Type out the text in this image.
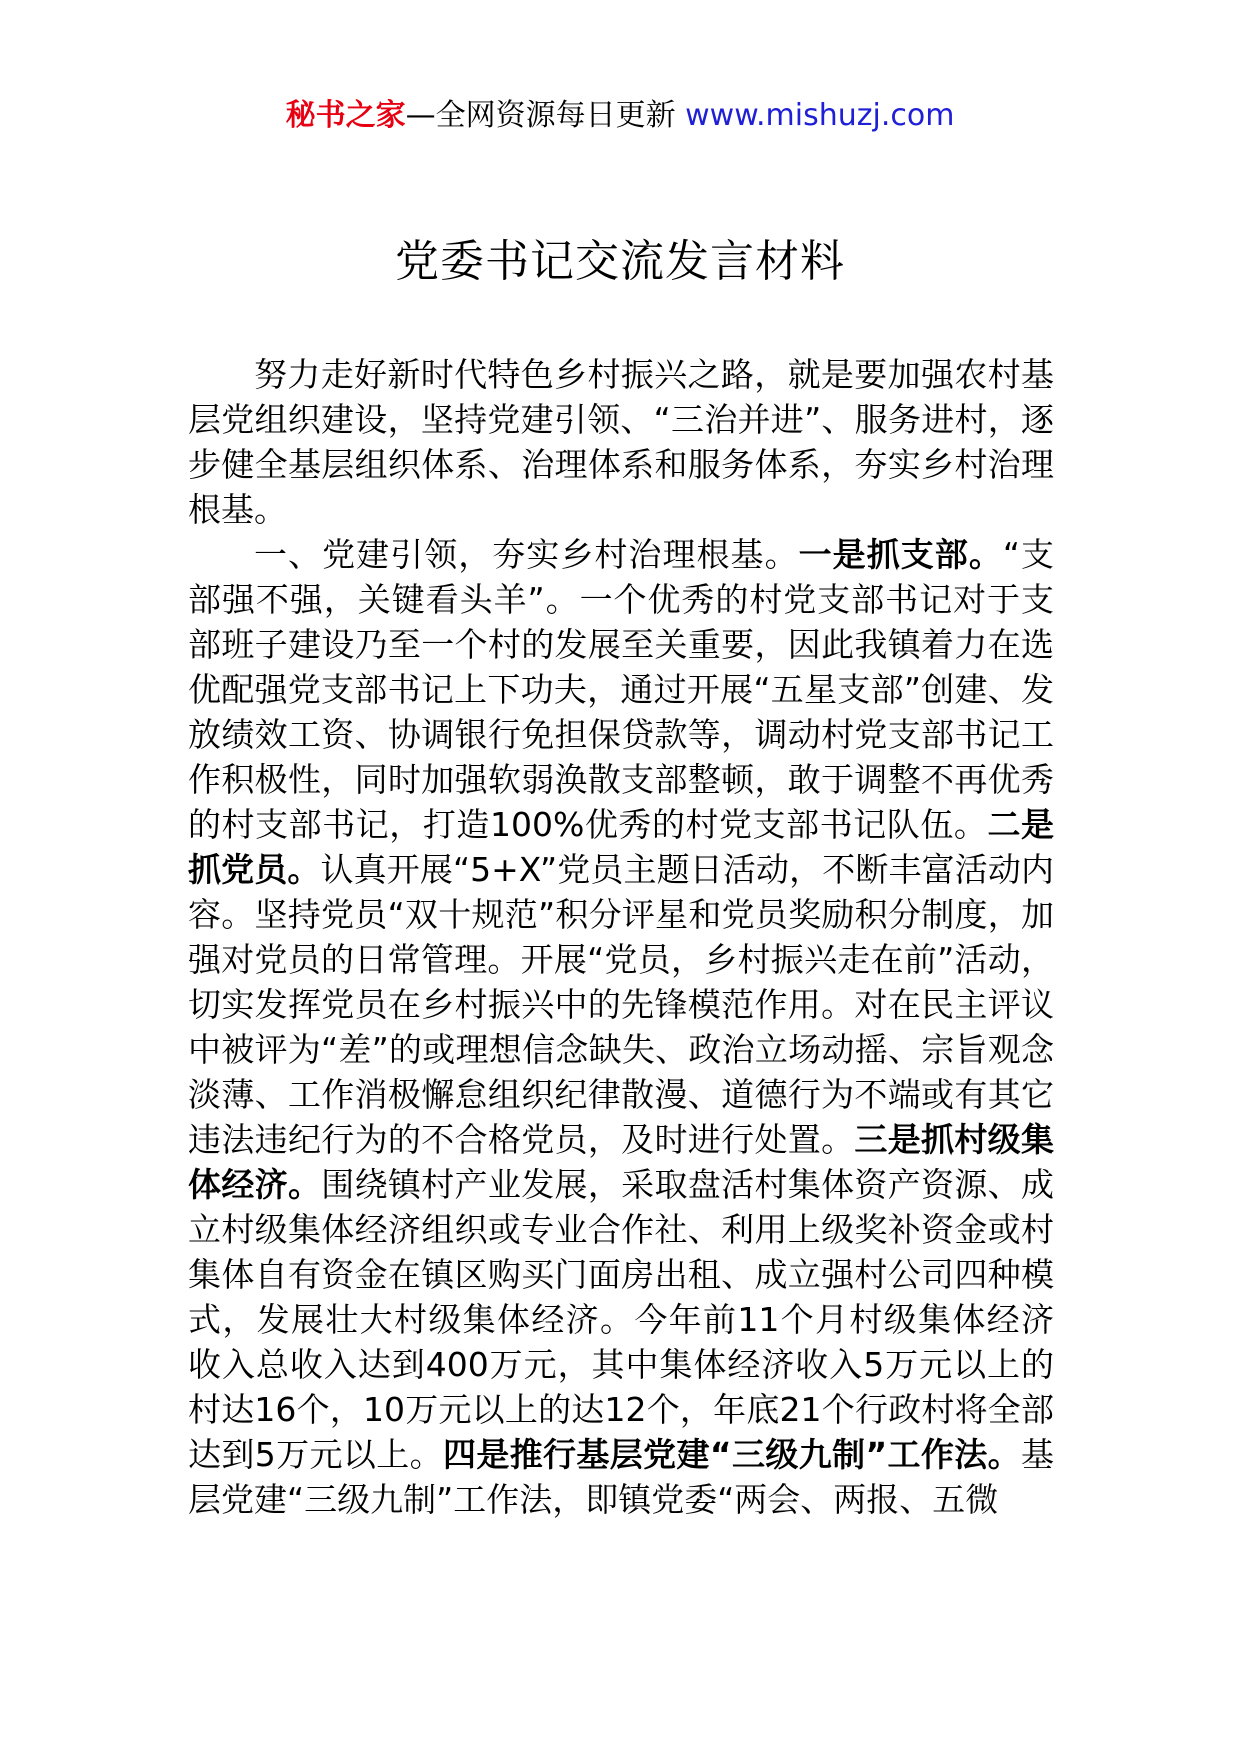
秘书之家—全网资源每日更新 www.mishuzj.com
党委书记交流发言材料

努力走好新时代特色乡村振兴之路，就是要加强农村基层党组织建设，坚持党建引领、“三治并进”、服务进村，逐步健全基层组织体系、治理体系和服务体系，夯实乡村治理根基。

一、党建引领，夯实乡村治理根基。一是抓支部。“支部强不强，关键看头羊”。一个优秀的村党支部书记对于支部班子建设乃至一个村的发展至关重要，因此我镇着力在选优配强党支部书记上下功夫，通过开展“五星支部”创建、发放绩效工资、协调银行免担保贷款等，调动村党支部书记工作积极性，同时加强软弱涣散支部整顿，敢于调整不再优秀的村支部书记，打造100%优秀的村党支部书记队伍。二是抓党员。认真开展“5+X”党员主题日活动，不断丰富活动内容。坚持党员“双十规范”积分评星和党员奖励积分制度，加强对党员的日常管理。开展“党员，乡村振兴走在前”活动，切实发挥党员在乡村振兴中的先锋模范作用。对在民主评议中被评为“差”的或理想信念缺失、政治立场动摇、宗旨观念淡薄、工作消极懈怠组织纪律散漫、道德行为不端或有其它违法违纪行为的不合格党员，及时进行处置。三是抓村级集体经济。围绕镇村产业发展，采取盘活村集体资产资源、成立村级集体经济组织或专业合作社、利用上级奖补资金或村集体自有资金在镇区购买门面房出租、成立强村公司四种模式，发展壮大村级集体经济。今年前11个月村级集体经济收入总收入达到400万元，其中集体经济收入5万元以上的村达16个，10万元以上的达12个，年底21个行政村将全部达到5万元以上。四是推行基层党建“三级九制”工作法。基层党建“三级九制”工作法，即镇党委“两会、两报、五微
